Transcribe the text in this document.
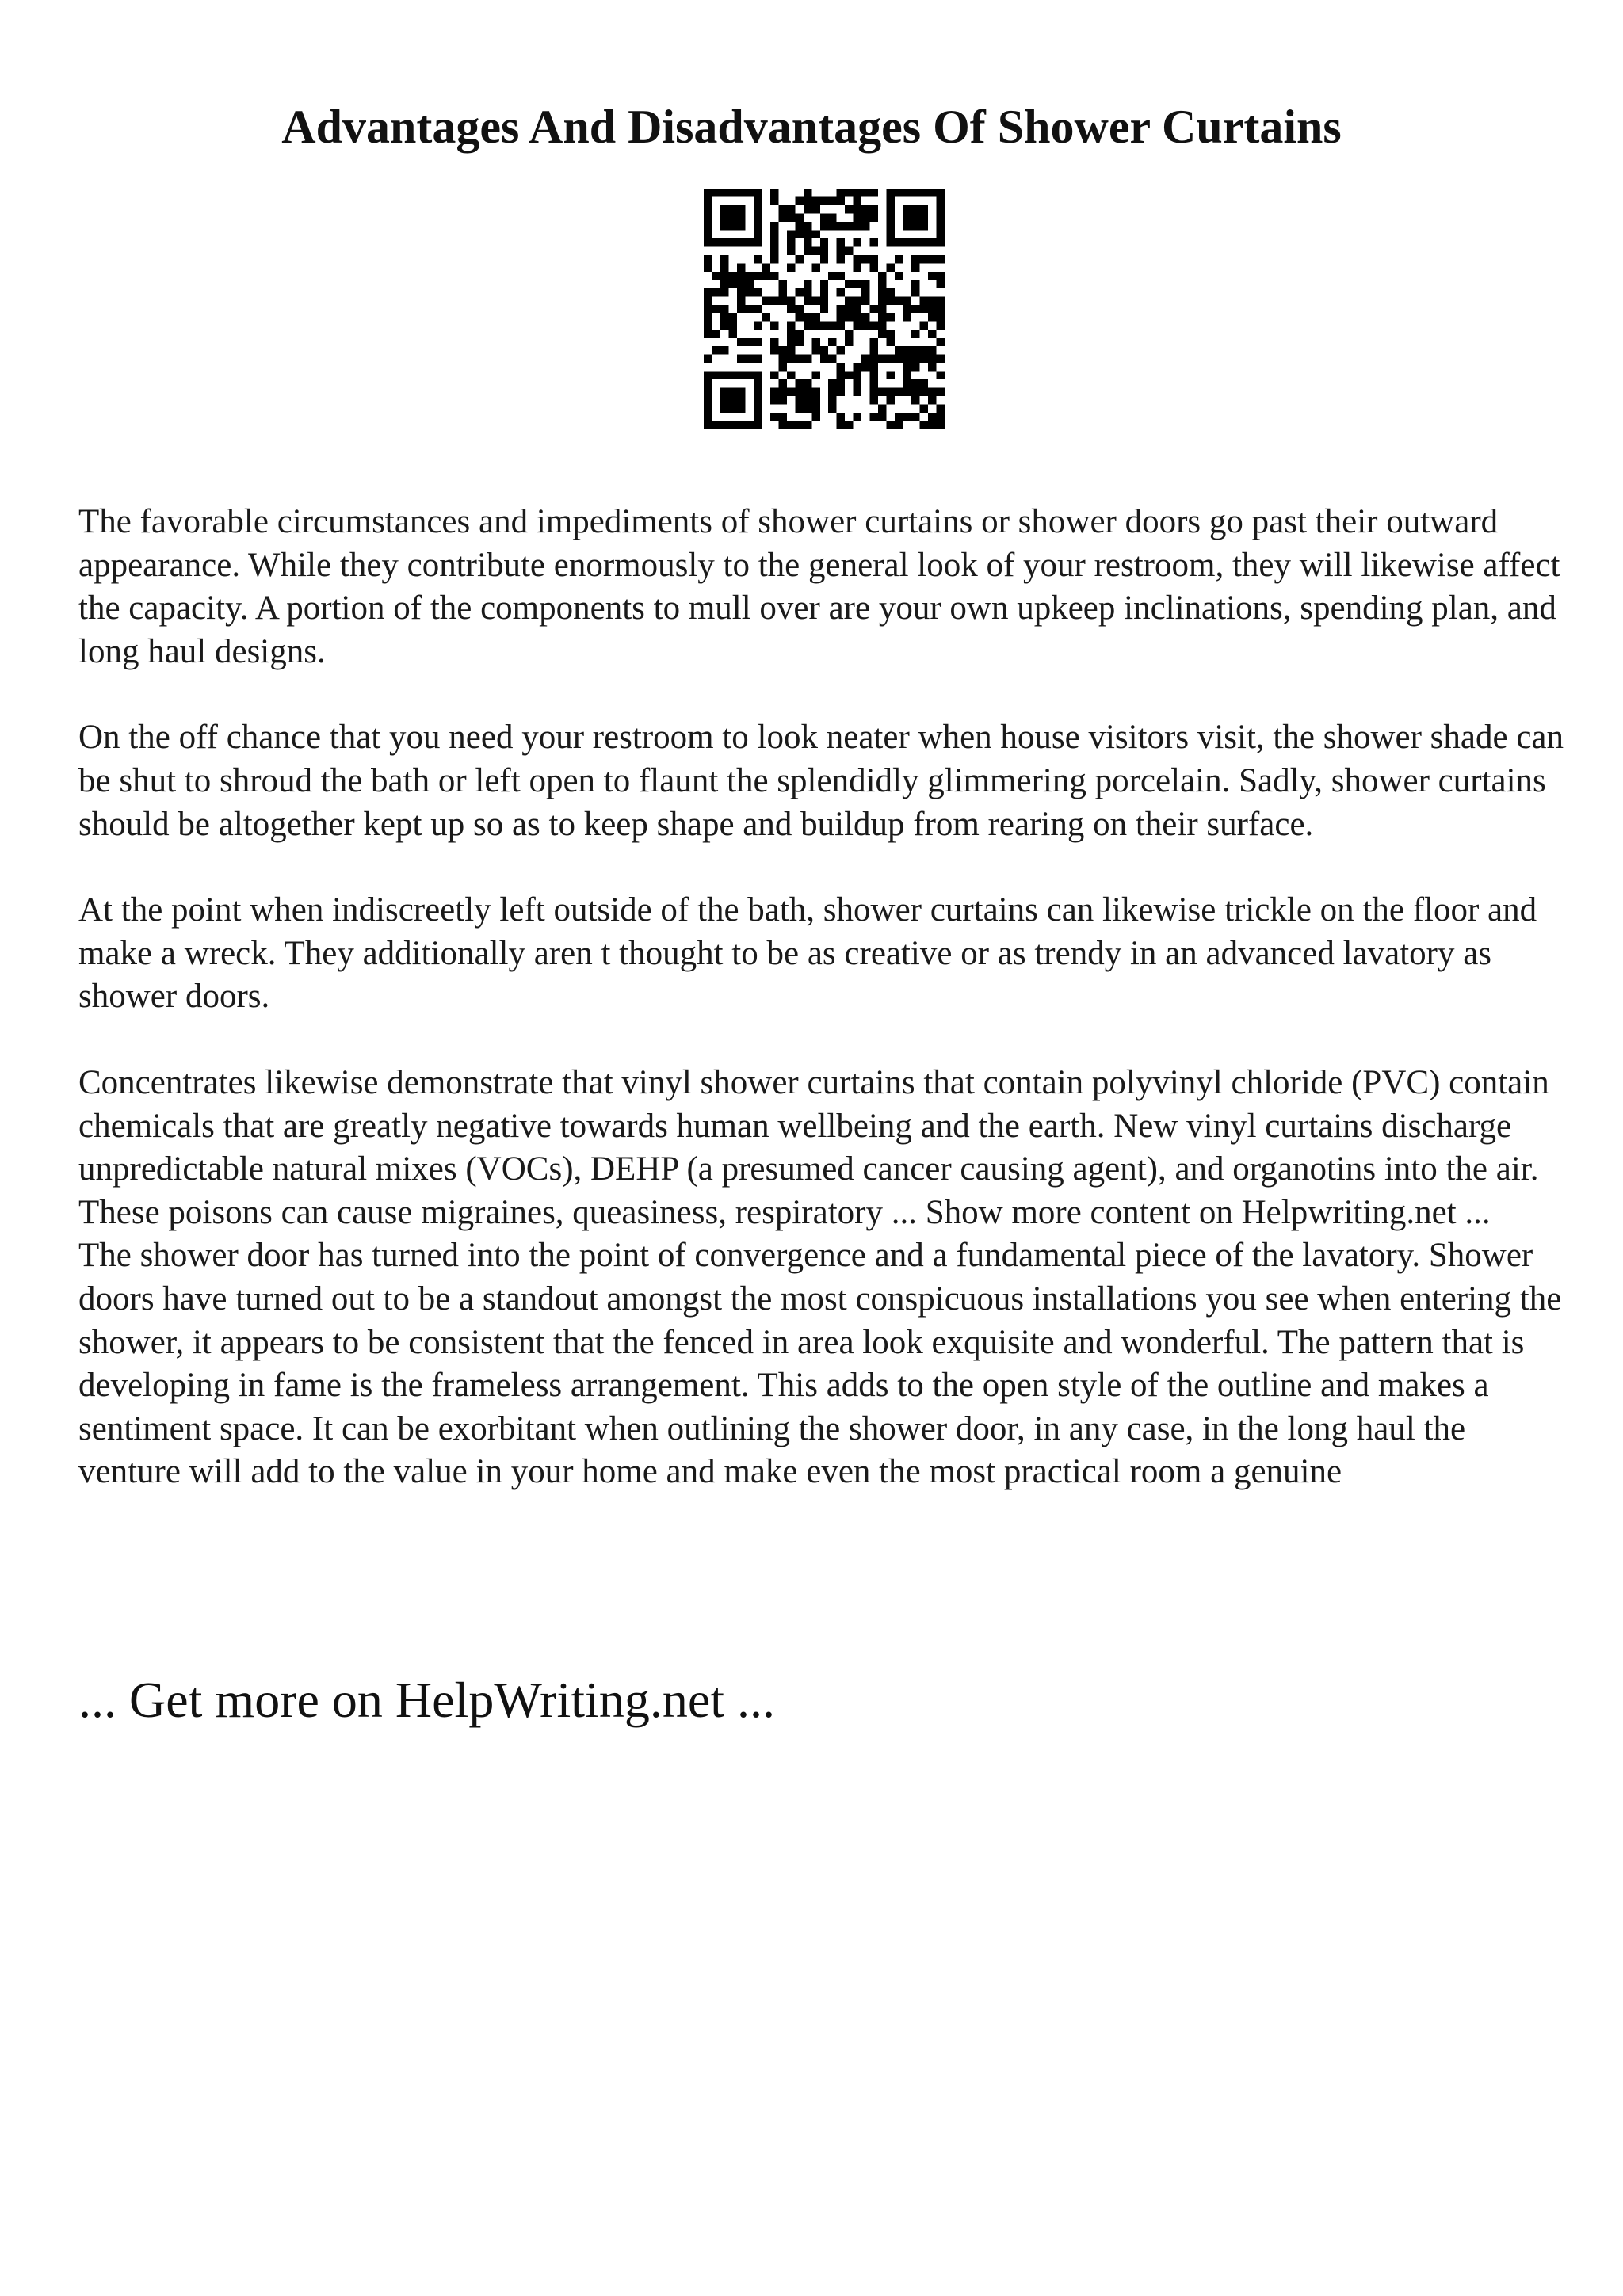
Advantages And Disadvantages Of Shower Curtains

The favorable circumstances and impediments of shower curtains or shower doors go past their outward appearance. While they contribute enormously to the general look of your restroom, they will likewise affect the capacity. A portion of the components to mull over are your own upkeep inclinations, spending plan, and long haul designs.

On the off chance that you need your restroom to look neater when house visitors visit, the shower shade can be shut to shroud the bath or left open to flaunt the splendidly glimmering porcelain. Sadly, shower curtains should be altogether kept up so as to keep shape and buildup from rearing on their surface.

At the point when indiscreetly left outside of the bath, shower curtains can likewise trickle on the floor and make a wreck. They additionally aren t thought to be as creative or as trendy in an advanced lavatory as shower doors.

Concentrates likewise demonstrate that vinyl shower curtains that contain polyvinyl chloride (PVC) contain chemicals that are greatly negative towards human wellbeing and the earth. New vinyl curtains discharge unpredictable natural mixes (VOCs), DEHP (a presumed cancer causing agent), and organotins into the air. These poisons can cause migraines, queasiness, respiratory ... Show more content on Helpwriting.net ...

The shower door has turned into the point of convergence and a fundamental piece of the lavatory. Shower doors have turned out to be a standout amongst the most conspicuous installations you see when entering the shower, it appears to be consistent that the fenced in area look exquisite and wonderful. The pattern that is developing in fame is the frameless arrangement. This adds to the open style of the outline and makes a sentiment space. It can be exorbitant when outlining the shower door, in any case, in the long haul the venture will add to the value in your home and make even the most practical room a genuine

... Get more on HelpWriting.net ...
